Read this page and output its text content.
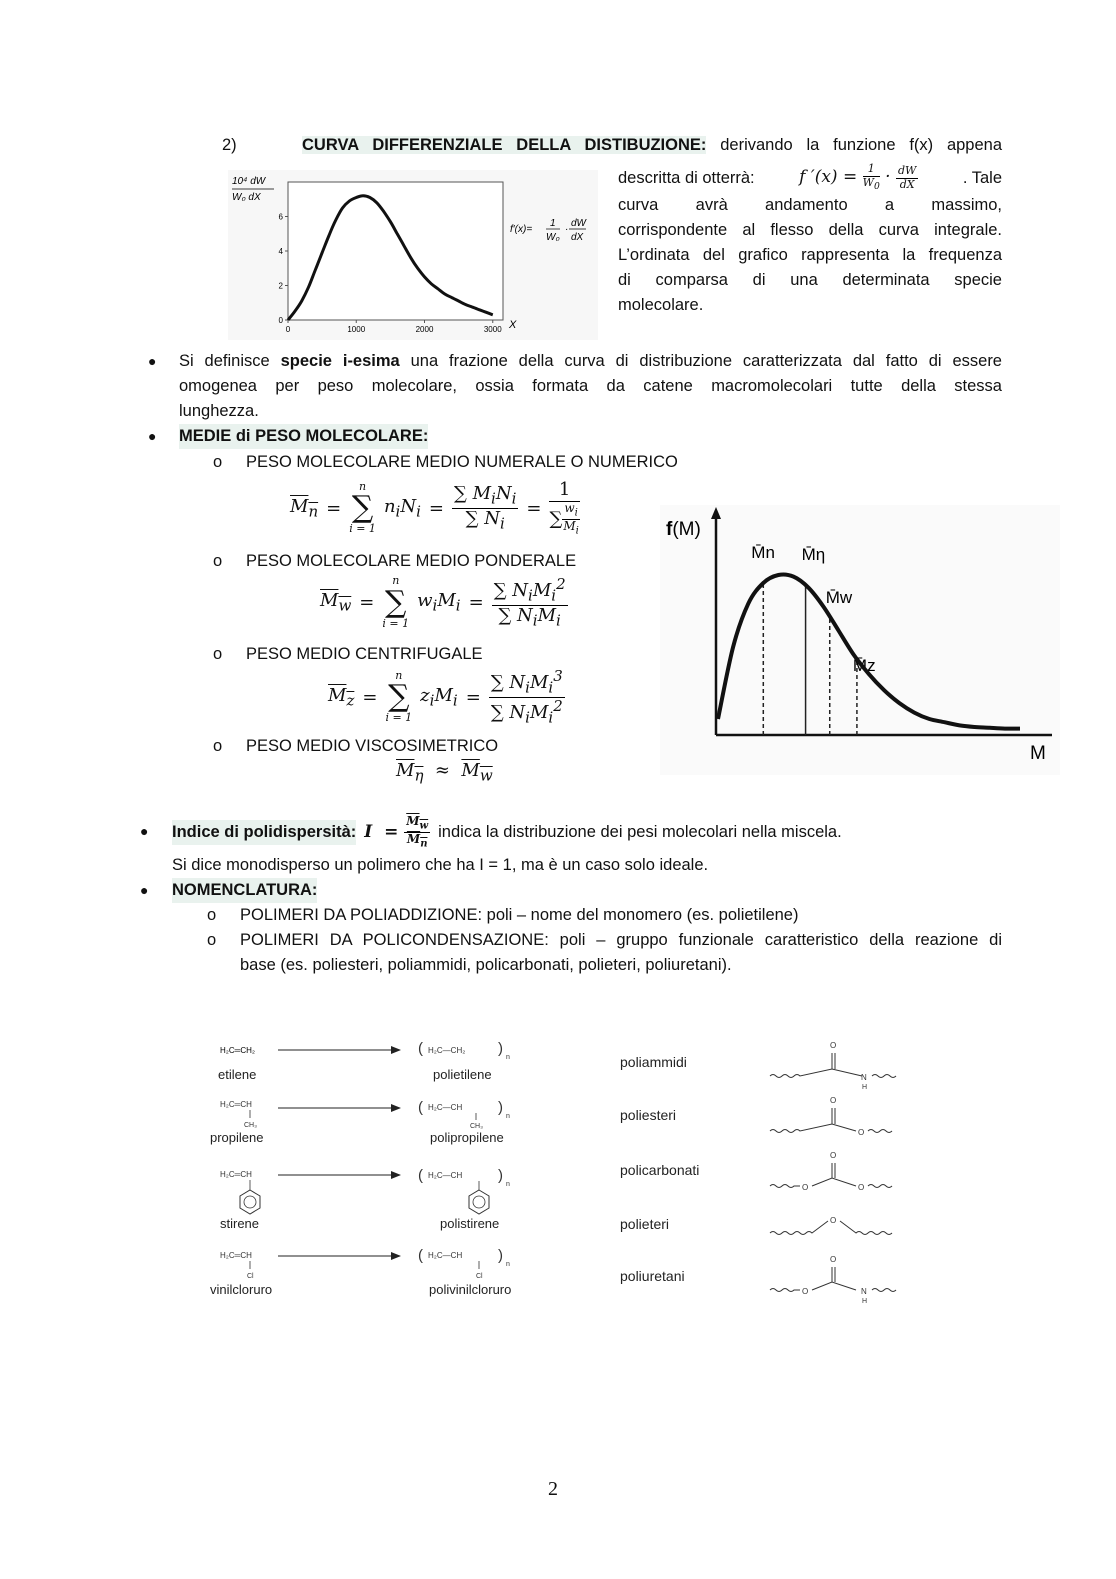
2)	CURVA DIFFERENZIALE DELLA DISTIBUZIONE: derivando la funzione f(x) appena
descritta di otterrà:	f $'(x) = \frac{1}{W_0} \cdot \frac{dW}{dX}$	. Tale
curva avrà andamento a massimo,
corrispondente al flesso della curva integrale.
L’ordinata del grafico rappresenta la frequenza
di comparsa di una determinata specie
molecolare.
0	1000	2000	3000
0
2
4
6
10⁴ dW
W₀ dX
X
f′(x)=
1
W₀
·
dW
dX
● Si definisce specie i-esima una frazione della curva di distribuzione caratterizzata dal fatto di essere
omogenea per peso molecolare, ossia formata da catene macromolecolari tutte della stessa
lunghezza.
● MEDIE di PESO MOLECOLARE:
o PESO MOLECOLARE MEDIO NUMERALE O NUMERICO
$M_n$ =
n
∑
i = 1
$n_iN_i = \frac{\sum M_iN_i}{\sum N_i} = \frac{1}{\sum \frac{w_i}{M_i}}$
o PESO MOLECOLARE MEDIO PONDERALE
$M_w$ =
n
∑
i = 1
$w_iM_i = \frac{\sum N_iM_i^2}{\sum N_iM_i}$
o PESO MEDIO CENTRIFUGALE
$M_z$ =
n
∑
i = 1
$z_iM_i = \frac{\sum N_iM_i^3}{\sum N_iM_i^2}$
o PESO MEDIO VISCOSIMETRICO
$M_\eta \approx M_w$
f(M)
M
M̄n M̄η
M̄w
M̄z
● Indice di polidispersità: $I = \frac{M_w}{M_n}$ indica la distribuzione dei pesi molecolari nella miscela.
Si dice monodisperso un polimero che ha I = 1, ma è un caso solo ideale.
● NOMENCLATURA:
o POLIMERI DA POLIADDIZIONE: poli – nome del monomero (es. polietilene)
o POLIMERI DA POLICONDENSAZIONE: poli – gruppo funzionale caratteristico della reazione di
base (es. poliesteri, poliammidi, policarbonati, polieteri, poliuretani).
H₂C═CH₂
etilene
( H₂C—CH₂ )
n
polietilene
H₂C═CH
CH₃
propilene
( H₂C—CH
CH₃
)
n
polipropilene
H₂C═CH
stirene
( H₂C—CH )
n
polistirene
H₂C═CH
Cl
vinilcloruro
( H₂C—CH
Cl
)
n
polivinilcloruro
poliammidi
O
N
H
poliesteri
O
O
policarbonati
O
O
O
polieteri	O
poliuretani
O
O
N
H
2
